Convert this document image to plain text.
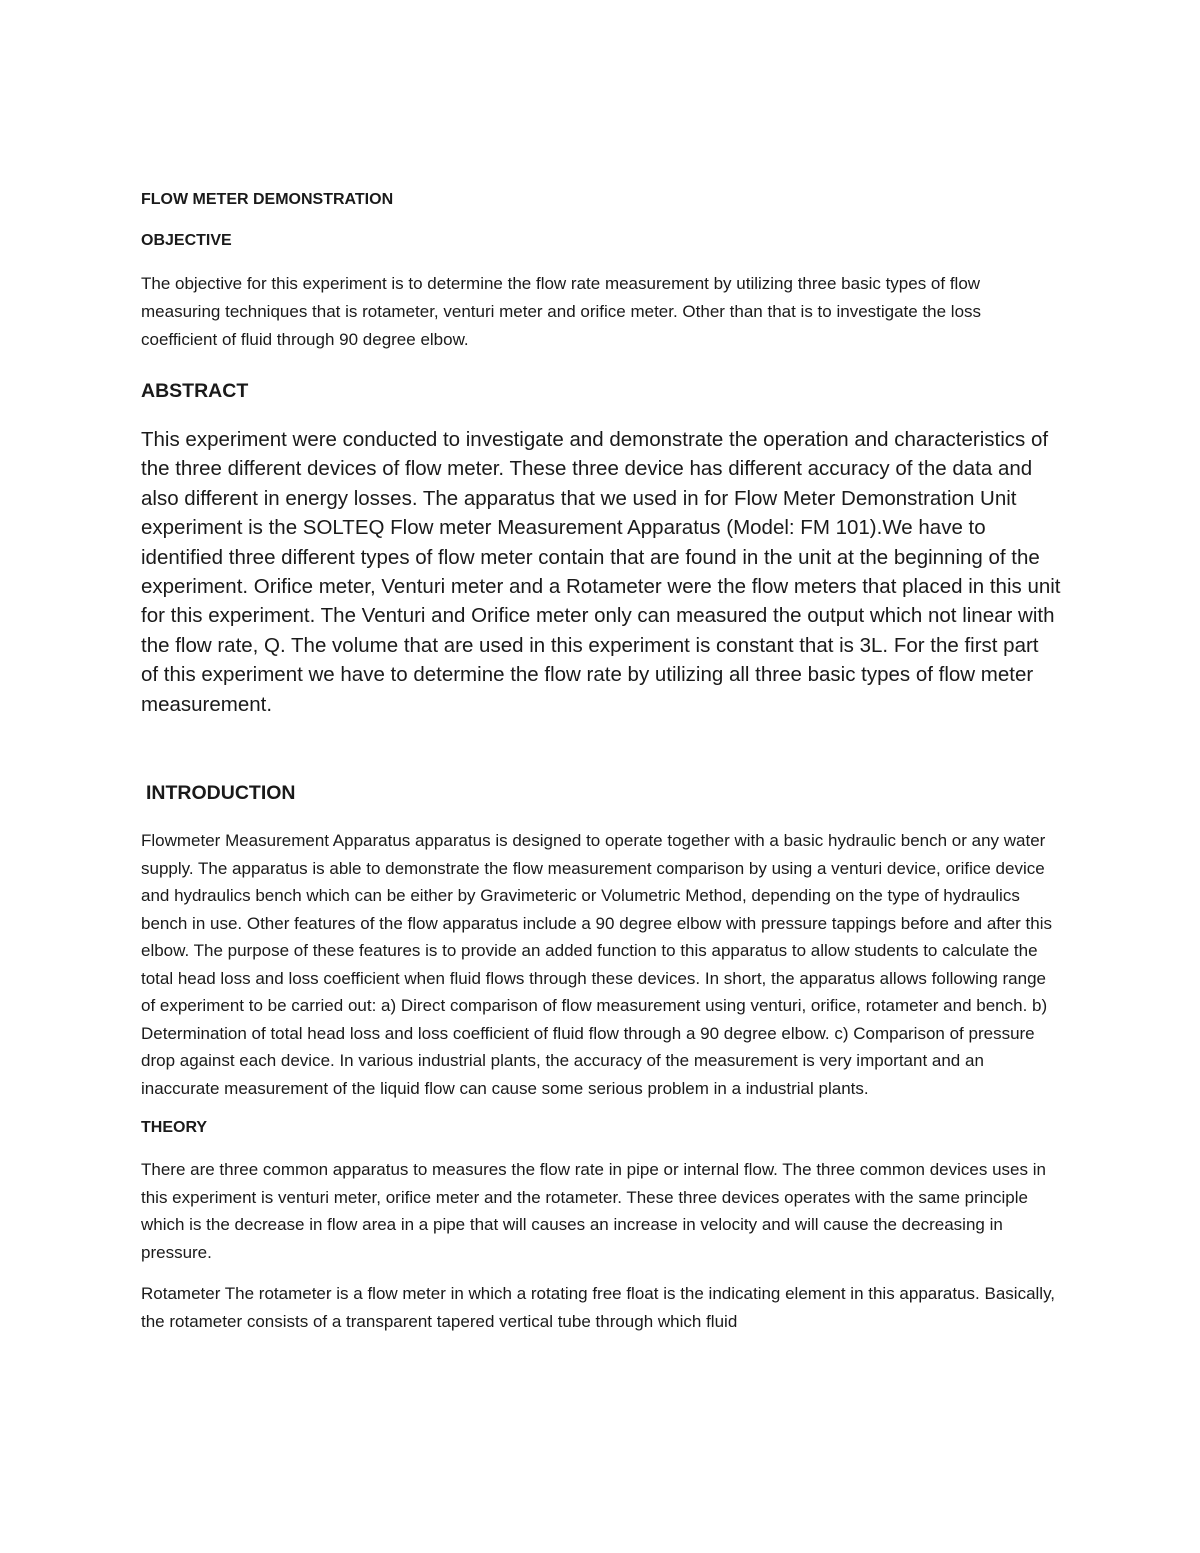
FLOW METER DEMONSTRATION
OBJECTIVE

The objective for this experiment is to determine the flow rate measurement by utilizing three basic types of flow measuring techniques that is rotameter, venturi meter and orifice meter. Other than that is to investigate the loss coefficient of fluid through 90 degree elbow.

ABSTRACT

This experiment were conducted to investigate and demonstrate the operation and characteristics of the three different devices of flow meter. These three device has different accuracy of the data and also different in energy losses. The apparatus that we used in for Flow Meter Demonstration Unit experiment is the SOLTEQ Flow meter Measurement Apparatus (Model: FM 101).We have to identified three different types of flow meter contain that are found in the unit at the beginning of the experiment. Orifice meter, Venturi meter and a Rotameter were the flow meters that placed in this unit for this experiment. The Venturi and Orifice meter only can measured the output which not linear with the flow rate, Q. The volume that are used in this experiment is constant that is 3L. For the first part of this experiment we have to determine the flow rate by utilizing all three basic types of flow meter measurement.

INTRODUCTION

Flowmeter Measurement Apparatus apparatus is designed to operate together with a basic hydraulic bench or any water supply. The apparatus is able to demonstrate the flow measurement comparison by using a venturi device, orifice device and hydraulics bench which can be either by Gravimeteric or Volumetric Method, depending on the type of hydraulics bench in use. Other features of the flow apparatus include a 90 degree elbow with pressure tappings before and after this elbow. The purpose of these features is to provide an added function to this apparatus to allow students to calculate the total head loss and loss coefficient when fluid flows through these devices. In short, the apparatus allows following range of experiment to be carried out: a) Direct comparison of flow measurement using venturi, orifice, rotameter and bench. b) Determination of total head loss and loss coefficient of fluid flow through a 90 degree elbow. c) Comparison of pressure drop against each device. In various industrial plants, the accuracy of the measurement is very important and an inaccurate measurement of the liquid flow can cause some serious problem in a industrial plants.

THEORY

There are three common apparatus to measures the flow rate in pipe or internal flow. The three common devices uses in this experiment is venturi meter, orifice meter and the rotameter. These three devices operates with the same principle which is the decrease in flow area in a pipe that will causes an increase in velocity and will cause the decreasing in pressure.

Rotameter The rotameter is a flow meter in which a rotating free float is the indicating element in this apparatus. Basically, the rotameter consists of a transparent tapered vertical tube through which fluid
